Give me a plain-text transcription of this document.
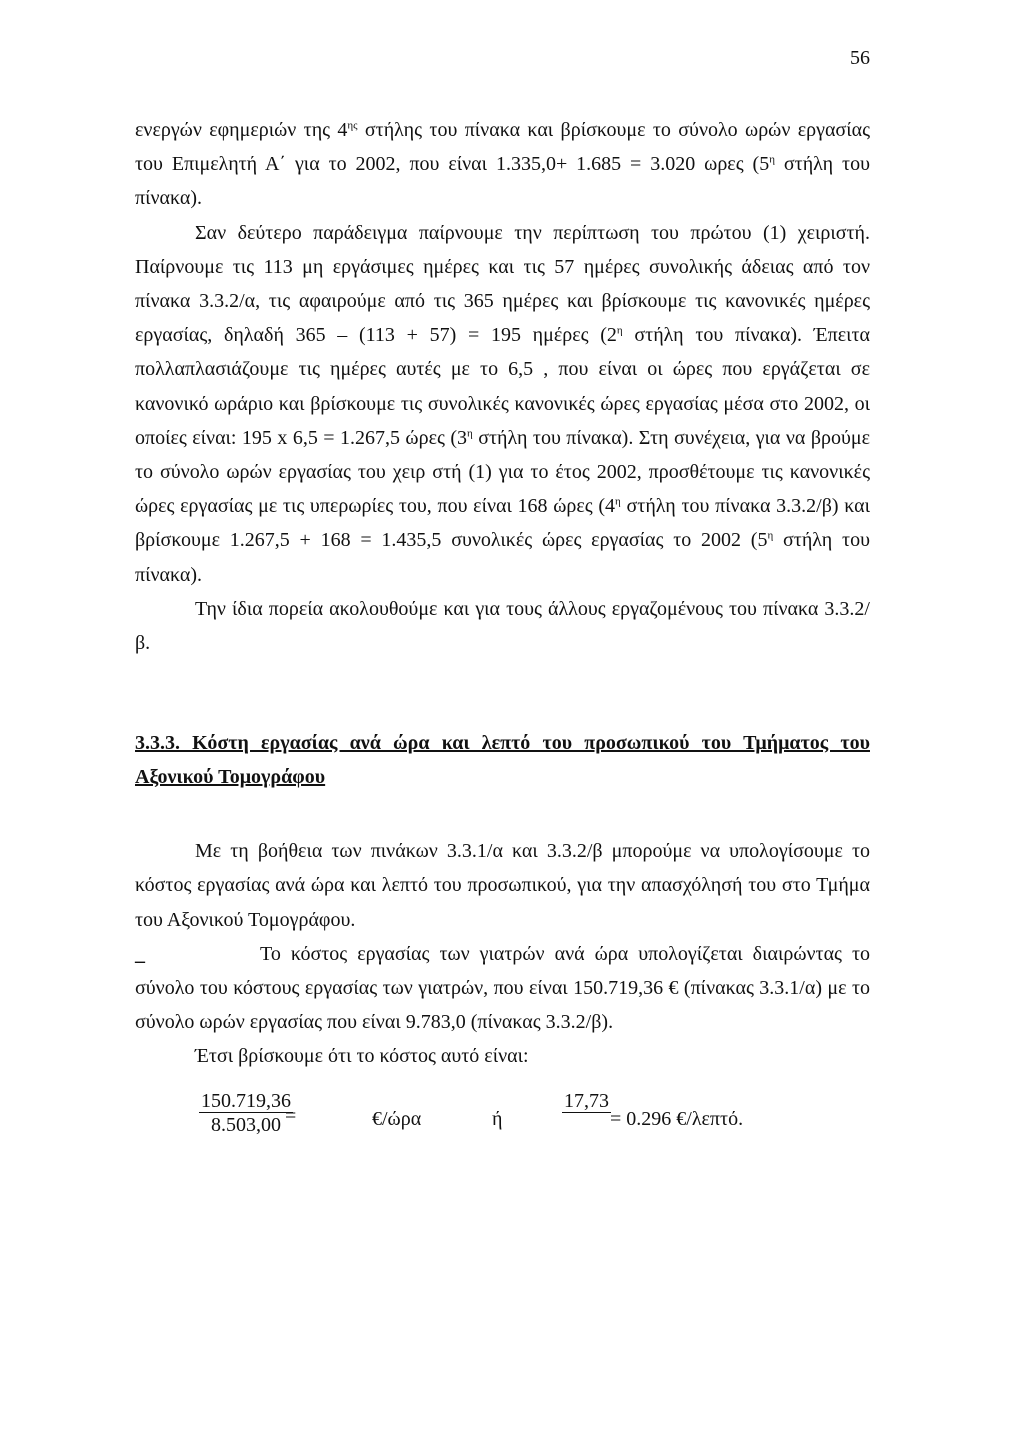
56

ενεργών εφημεριών της $4^{\eta\varsigma}$ στήλης του πίνακα και βρίσκουμε το σύνολο ωρών εργασίας του Επιμελητή Α΄ για το 2002, που είναι 1.335,0+ 1.685 = 3.020 ωρες ($5^\eta$ στήλη του πίνακα).

Σαν δεύτερο παράδειγμα παίρνουμε την περίπτωση του πρώτου (1) χειριστή. Παίρνουμε τις 113 μη εργάσιμες ημέρες και τις 57 ημέρες συνολικής άδειας από τον πίνακα 3.3.2/α, τις αφαιρούμε από τις 365 ημέρες και βρίσκουμε τις κανονικές ημέρες εργασίας, δηλαδή 365 – (113 + 57) = 195 ημέρες ($2^\eta$ στήλη του πίνακα). Έπειτα πολλαπλασιάζουμε τις ημέρες αυτές με το 6,5 , που είναι οι ώρες που εργάζεται σε κανονικό ωράριο και βρίσκουμε τις συνολικές κανονικές ώρες εργασίας μέσα στο 2002, οι οποίες είναι: 195 x 6,5 = 1.267,5 ώρες ($3^\eta$ στήλη του πίνακα). Στη συνέχεια, για να βρούμε το σύνολο ωρών εργασίας του χειρ στή (1) για το έτος 2002, προσθέτουμε τις κανονικές ώρες εργασίας με τις υπερωρίες του, που είναι 168 ώρες ($4^\eta$ στήλη του πίνακα 3.3.2/β) και βρίσκουμε 1.267,5 + 168 = 1.435,5 συνολικές ώρες εργασίας το 2002 ($5^\eta$ στήλη του πίνακα).

Την ίδια πορεία ακολουθούμε και για τους άλλους εργαζομένους του πίνακα 3.3.2/β.

3.3.3. Κόστη εργασίας ανά ώρα και λεπτό του προσωπικού του Τμήματος του Αξονικού Τομογράφου

Με τη βοήθεια των πινάκων 3.3.1/α και 3.3.2/β μπορούμε να υπολογίσουμε το κόστος εργασίας ανά ώρα και λεπτό του προσωπικού, για την απασχόλησή του στο Τμήμα του Αξονικού Τομογράφου.

_	Το κόστος εργασίας των γιατρών ανά ώρα υπολογίζεται διαιρώντας το σύνολο του κόστους εργασίας των γιατρών, που είναι 150.719,36 € (πίνακας 3.3.1/α) με το σύνολο ωρών εργασίας που είναι 9.783,0 (πίνακας 3.3.2/β).

Έτσι βρίσκουμε ότι το κόστος αυτό είναι:

$\frac{150.719,36}{8.503,00}$
=	€/ώρα	ή
17,73
= 0.296 €/λεπτό.
